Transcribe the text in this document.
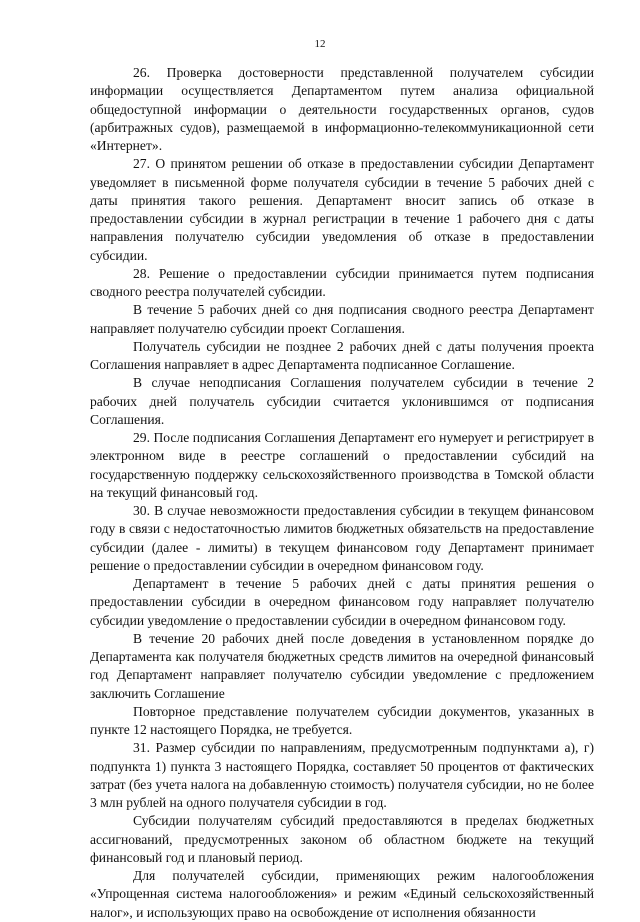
12

26. Проверка достоверности представленной получателем субсидии информации осуществляется Департаментом путем анализа официальной общедоступной информации о деятельности государственных органов, судов (арбитражных судов), размещаемой в информационно-телекоммуникационной сети «Интернет».

27. О принятом решении об отказе в предоставлении субсидии Департамент уведомляет в письменной форме получателя субсидии в течение 5 рабочих дней с даты принятия такого решения. Департамент вносит запись об отказе в предоставлении субсидии в журнал регистрации в течение 1 рабочего дня с даты направления получателю субсидии уведомления об отказе в предоставлении субсидии.

28. Решение о предоставлении субсидии принимается путем подписания сводного реестра получателей субсидии.

В течение 5 рабочих дней со дня подписания сводного реестра Департамент направляет получателю субсидии проект Соглашения.

Получатель субсидии не позднее 2 рабочих дней с даты получения проекта Соглашения направляет в адрес Департамента подписанное Соглашение.

В случае неподписания Соглашения получателем субсидии в течение 2 рабочих дней получатель субсидии считается уклонившимся от подписания Соглашения.

29. После подписания Соглашения Департамент его нумерует и регистрирует в электронном виде в реестре соглашений о предоставлении субсидий на государственную поддержку сельскохозяйственного производства в Томской области на текущий финансовый год.

30. В случае невозможности предоставления субсидии в текущем финансовом году в связи с недостаточностью лимитов бюджетных обязательств на предоставление субсидии (далее - лимиты) в текущем финансовом году Департамент принимает решение о предоставлении субсидии в очередном финансовом году.

Департамент в течение 5 рабочих дней с даты принятия решения о предоставлении субсидии в очередном финансовом году направляет получателю субсидии уведомление о предоставлении субсидии в очередном финансовом году.

В течение 20 рабочих дней после доведения в установленном порядке до Департамента как получателя бюджетных средств лимитов на очередной финансовый год Департамент направляет получателю субсидии уведомление с предложением заключить Соглашение

Повторное представление получателем субсидии документов, указанных в пункте 12 настоящего Порядка, не требуется.

31. Размер субсидии по направлениям, предусмотренным подпунктами а), г) подпункта 1) пункта 3 настоящего Порядка, составляет 50 процентов от фактических затрат (без учета налога на добавленную стоимость) получателя субсидии, но не более 3 млн рублей на одного получателя субсидии в год.

Субсидии получателям субсидий предоставляются в пределах бюджетных ассигнований, предусмотренных законом об областном бюджете на текущий финансовый год и плановый период.

Для получателей субсидии, применяющих режим налогообложения «Упрощенная система налогообложения» и режим «Единый сельскохозяйственный налог», и использующих право на освобождение от исполнения обязанности
